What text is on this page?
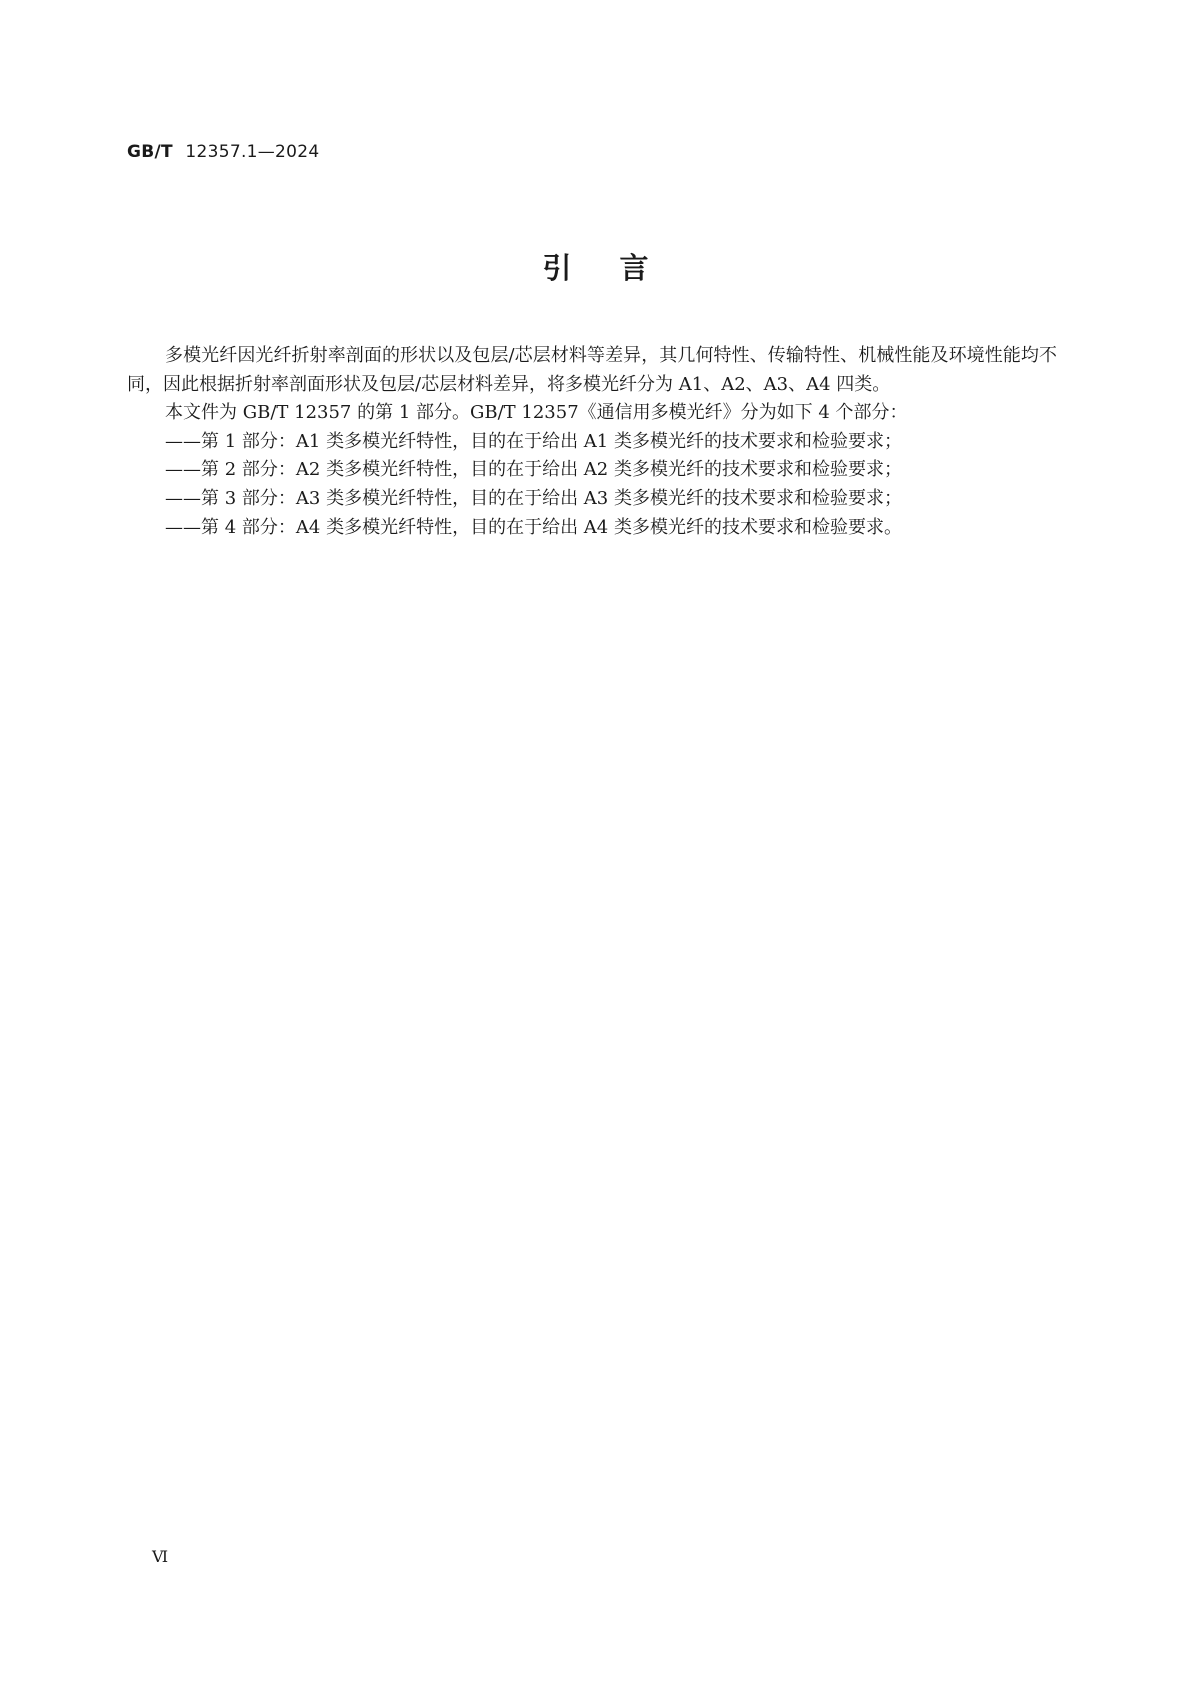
GB/T 12357.1—2024
引言

多模光纤因光纤折射率剖面的形状以及包层/芯层材料等差异，其几何特性、传输特性、机械性能及环境性能均不同，因此根据折射率剖面形状及包层/芯层材料差异，将多模光纤分为 A1、A2、A3、A4 四类。

本文件为 GB/T 12357 的第 1 部分。GB/T 12357《通信用多模光纤》分为如下 4 个部分：

——第 1 部分：A1 类多模光纤特性，目的在于给出 A1 类多模光纤的技术要求和检验要求；
——第 2 部分：A2 类多模光纤特性，目的在于给出 A2 类多模光纤的技术要求和检验要求；
——第 3 部分：A3 类多模光纤特性，目的在于给出 A3 类多模光纤的技术要求和检验要求；
——第 4 部分：A4 类多模光纤特性，目的在于给出 A4 类多模光纤的技术要求和检验要求。
Ⅵ
